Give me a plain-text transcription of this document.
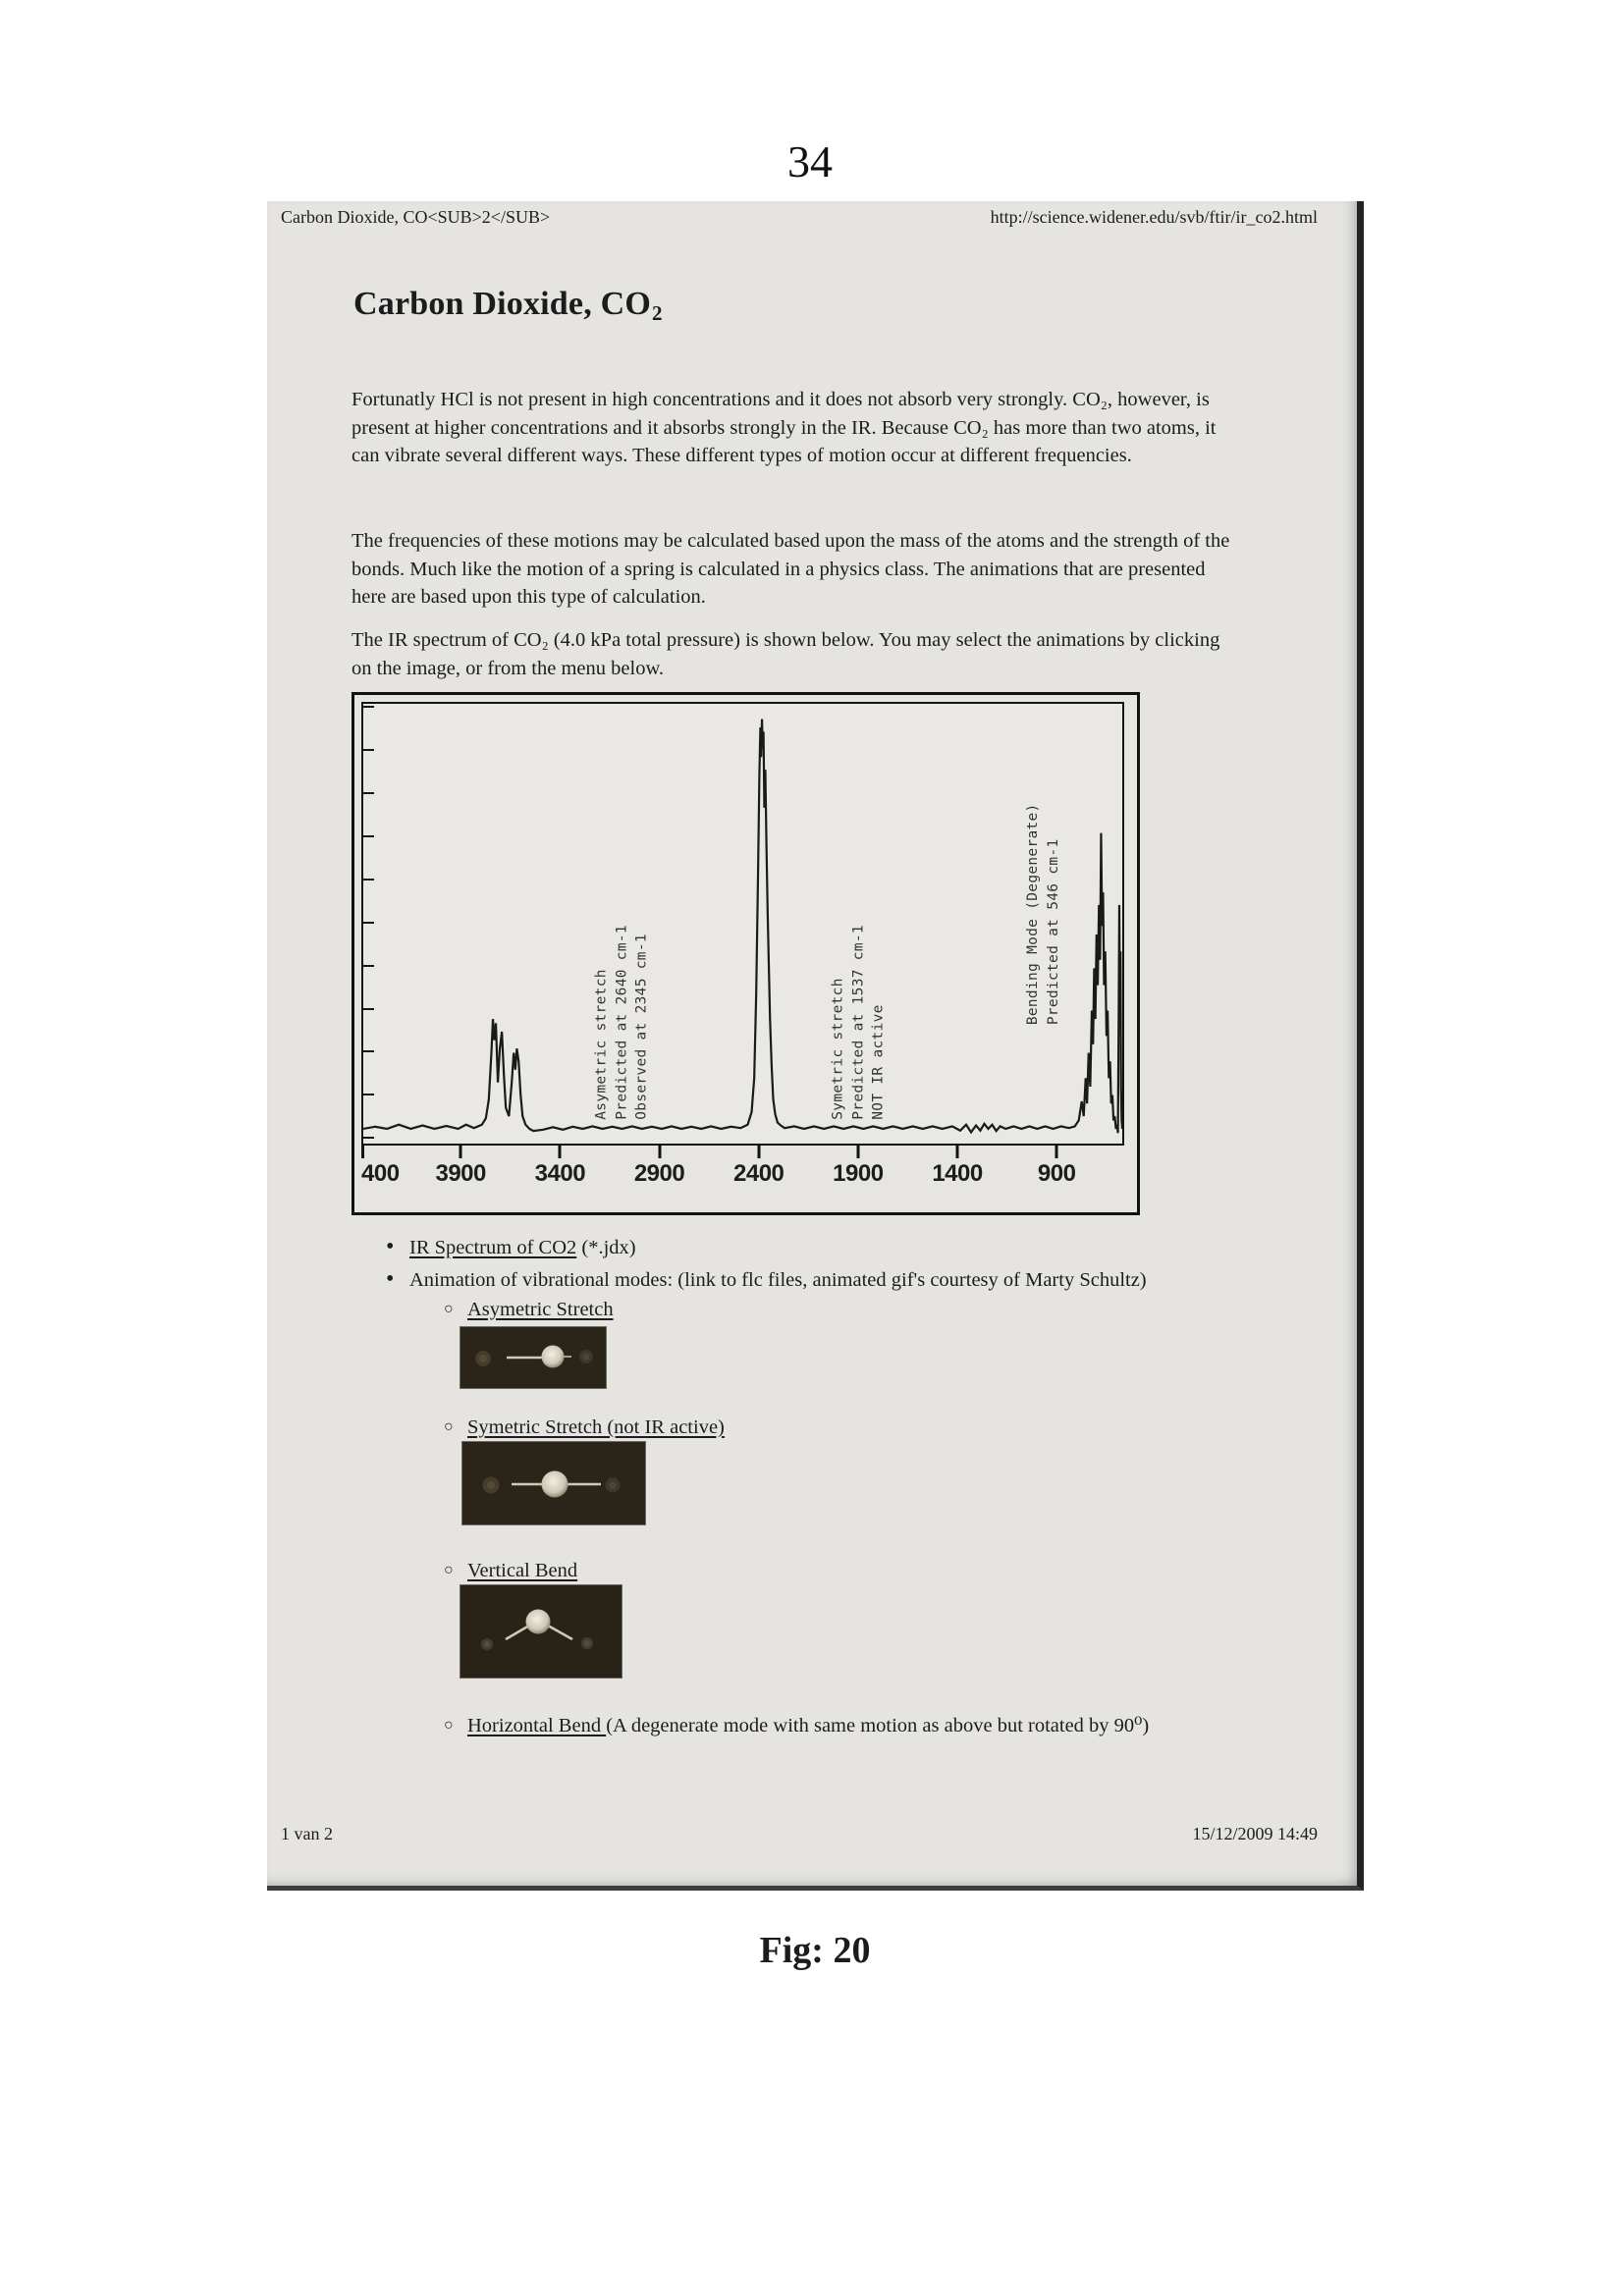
34
Carbon Dioxide, CO<SUB>2</SUB>	http://science.widener.edu/svb/ftir/ir_co2.html
Carbon Dioxide, CO2
Fortunatly HCl is not present in high concentrations and it does not absorb very strongly. CO₂, however, is present at higher concentrations and it absorbs strongly in the IR. Because CO₂ has more than two atoms, it can vibrate several different ways. These different types of motion occur at different frequencies.
The frequencies of these motions may be calculated based upon the mass of the atoms and the strength of the bonds. Much like the motion of a spring is calculated in a physics class. The animations that are presented here are based upon this type of calculation.
The IR spectrum of CO₂ (4.0 kPa total pressure) is shown below. You may select the animations by clicking on the image, or from the menu below.
Asymetric stretch Predicted at 2640 cm-1 Observed at 2345 cm-1	Symetric stretch Predicted at 1537 cm-1 NOT IR active
Bending Mode (Degenerate) Predicted at 546 cm-1
400 3900 3400 2900 2400 1900 1400 900
•IR Spectrum of CO2 (*.jdx)
•Animation of vibrational modes: (link to flc files, animated gif's courtesy of Marty Schultz)
○Asymetric Stretch
○Symetric Stretch (not IR active)
○Vertical Bend
○Horizontal Bend (A degenerate mode with same motion as above but rotated by 90⁰)
1 van 2	15/12/2009 14:49
Fig: 20
